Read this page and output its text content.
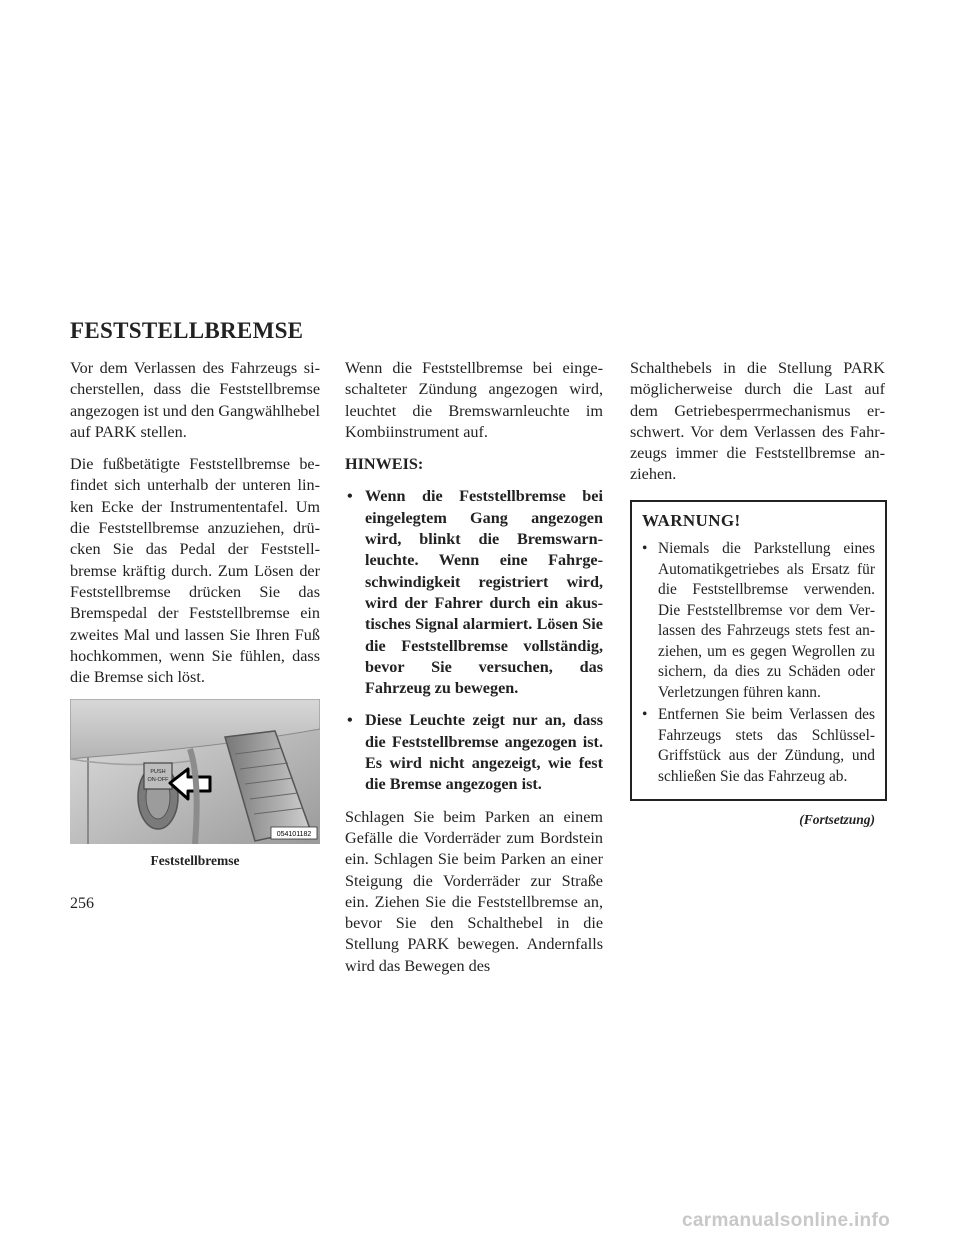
FESTSTELLBREMSE

Vor dem Verlassen des Fahrzeugs sicherstellen, dass die Feststellbremse angezogen ist und den Gangwählhebel auf PARK stellen.

Die fußbetätigte Feststellbremse befindet sich unterhalb der unteren linken Ecke der Instrumententafel. Um die Feststellbremse anzuziehen, drücken Sie das Pedal der Feststellbremse kräftig durch. Zum Lösen der Feststellbremse drücken Sie das Bremspedal der Feststellbremse ein zweites Mal und lassen Sie Ihren Fuß hochkommen, wenn Sie fühlen, dass die Bremse sich löst.

PUSH
ON-OFF
054101182
Feststellbremse

Wenn die Feststellbremse bei eingeschalteter Zündung angezogen wird, leuchtet die Bremswarnleuchte im Kombiinstrument auf.

HINWEIS:

• Wenn die Feststellbremse bei eingelegtem Gang angezogen wird, blinkt die Bremswarnleuchte. Wenn eine Fahrgeschwindigkeit registriert wird, wird der Fahrer durch ein akustisches Signal alarmiert. Lösen Sie die Feststellbremse vollständig, bevor Sie versuchen, das Fahrzeug zu bewegen.
• Diese Leuchte zeigt nur an, dass die Feststellbremse angezogen ist. Es wird nicht angezeigt, wie fest die Bremse angezogen ist.

Schlagen Sie beim Parken an einem Gefälle die Vorderräder zum Bordstein ein. Schlagen Sie beim Parken an einer Steigung die Vorderräder zur Straße ein. Ziehen Sie die Feststellbremse an, bevor Sie den Schalthebel in die Stellung PARK bewegen. Andernfalls wird das Bewegen des

Schalthebels in die Stellung PARK möglicherweise durch die Last auf dem Getriebesperrmechanismus erschwert. Vor dem Verlassen des Fahrzeugs immer die Feststellbremse anziehen.

WARNUNG!
• Niemals die Parkstellung eines Automatikgetriebes als Ersatz für die Feststellbremse verwenden. Die Feststellbremse vor dem Verlassen des Fahrzeugs stets fest anziehen, um es gegen Wegrollen zu sichern, da dies zu Schäden oder Verletzungen führen kann.
• Entfernen Sie beim Verlassen des Fahrzeugs stets das Schlüssel-Griffstück aus der Zündung, und schließen Sie das Fahrzeug ab.
(Fortsetzung)
256
carmanualsonline.info
